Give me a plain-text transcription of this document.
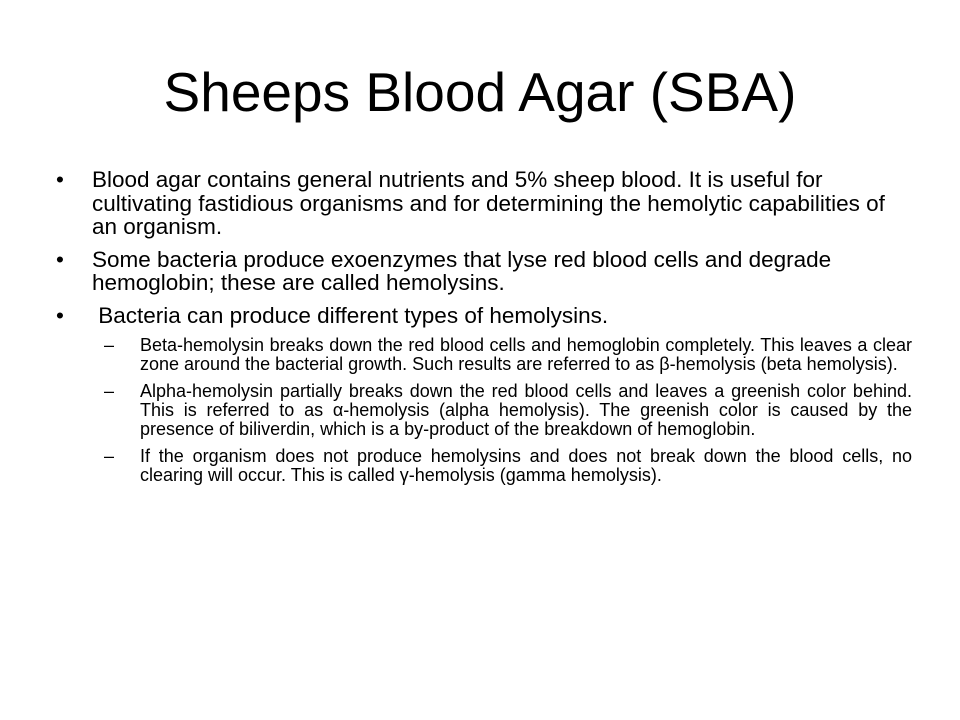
Sheeps Blood Agar (SBA)
• Blood agar contains general nutrients and 5% sheep blood. It is useful for cultivating fastidious organisms and for determining the hemolytic capabilities of an organism.
• Some bacteria produce exoenzymes that lyse red blood cells and degrade hemoglobin; these are called hemolysins.
• Bacteria can produce different types of hemolysins.
– Beta-hemolysin breaks down the red blood cells and hemoglobin completely. This leaves a clear zone around the bacterial growth. Such results are referred to as β-hemolysis (beta hemolysis).
– Alpha-hemolysin partially breaks down the red blood cells and leaves a greenish color behind. This is referred to as α-hemolysis (alpha hemolysis). The greenish color is caused by the presence of biliverdin, which is a by-product of the breakdown of hemoglobin.
– If the organism does not produce hemolysins and does not break down the blood cells, no clearing will occur. This is called γ-hemolysis (gamma hemolysis).
